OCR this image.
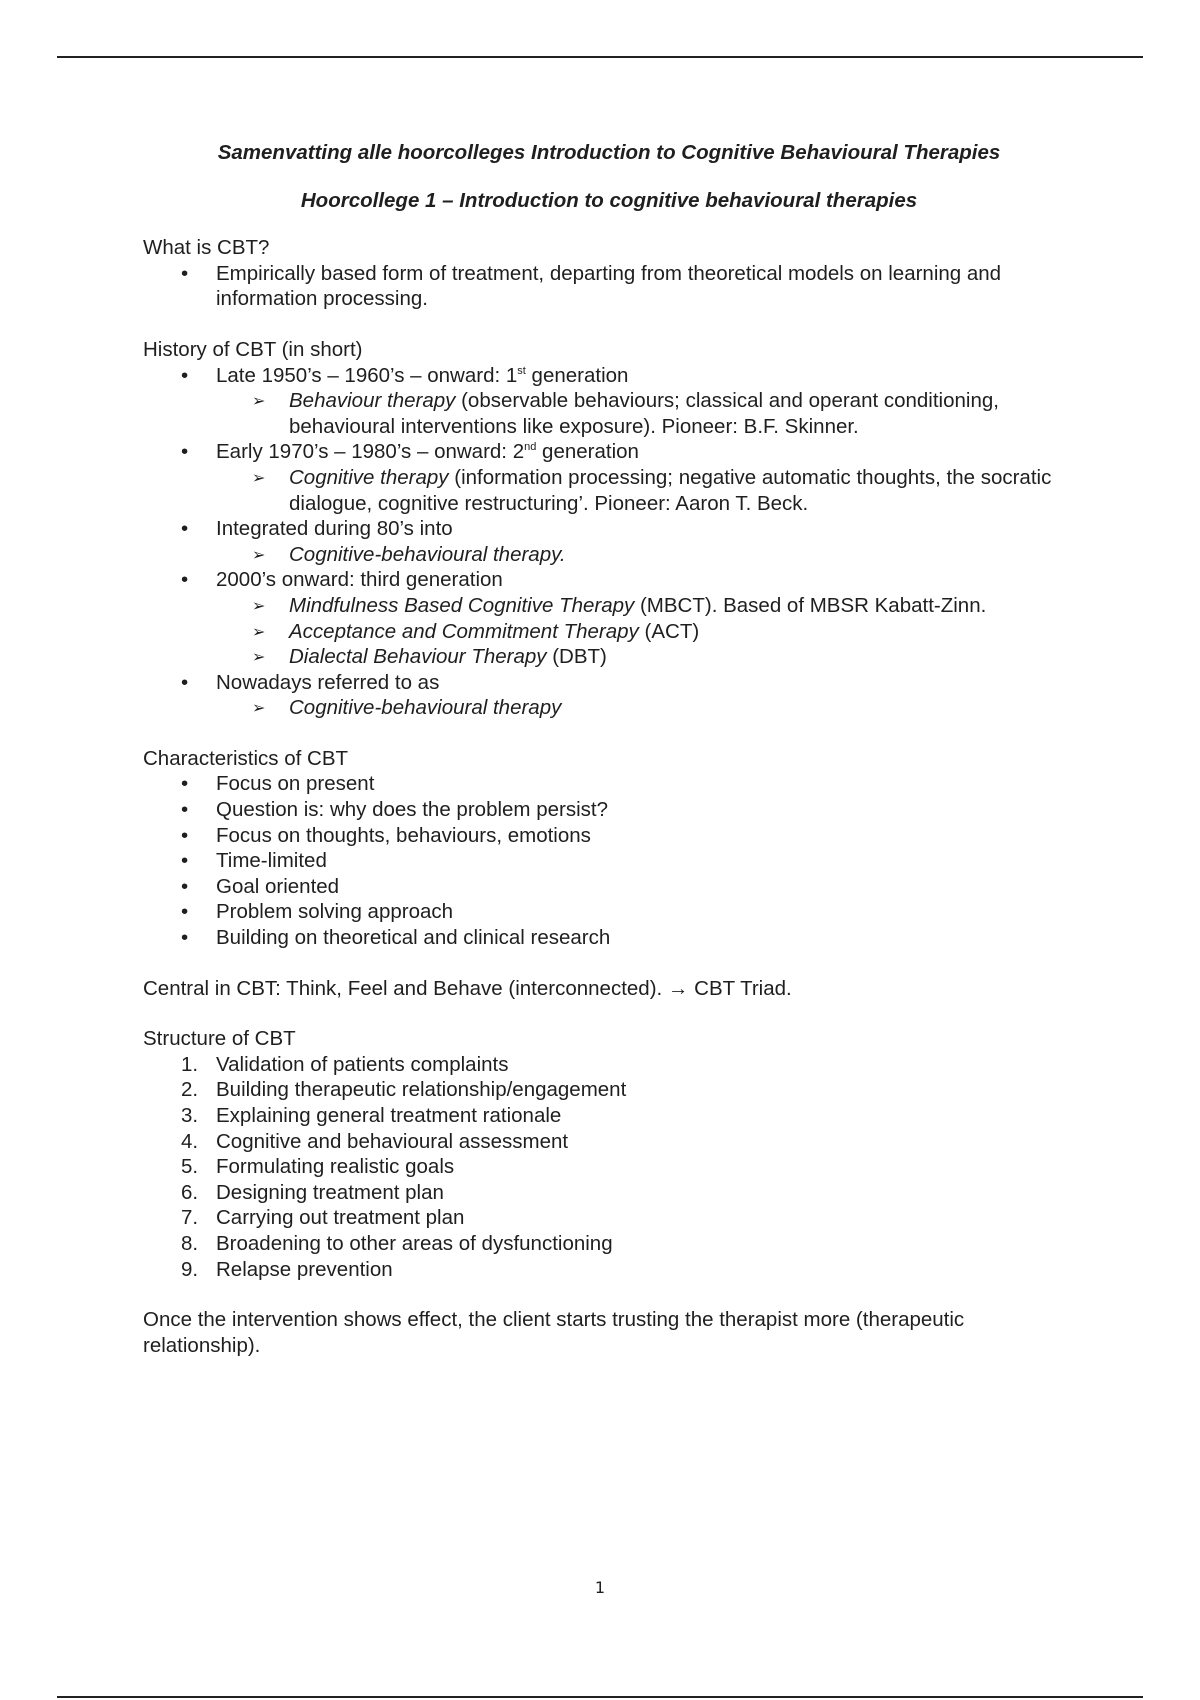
Samenvatting alle hoorcolleges Introduction to Cognitive Behavioural Therapies

Hoorcollege 1 – Introduction to cognitive behavioural therapies

What is CBT?

• Empirically based form of treatment, departing from theoretical models on learning and information processing.

History of CBT (in short)

• Late 1950’s – 1960’s – onward: 1st generation
➢ Behaviour therapy (observable behaviours; classical and operant conditioning, behavioural interventions like exposure). Pioneer: B.F. Skinner.
• Early 1970’s – 1980’s – onward: 2nd generation
➢ Cognitive therapy (information processing; negative automatic thoughts, the socratic dialogue, cognitive restructuring’. Pioneer: Aaron T. Beck.
• Integrated during 80’s into
➢ Cognitive-behavioural therapy.
• 2000’s onward: third generation
➢ Mindfulness Based Cognitive Therapy (MBCT). Based of MBSR Kabatt-Zinn.
➢ Acceptance and Commitment Therapy (ACT)
➢ Dialectal Behaviour Therapy (DBT)
• Nowadays referred to as
➢ Cognitive-behavioural therapy

Characteristics of CBT

• Focus on present
• Question is: why does the problem persist?
• Focus on thoughts, behaviours, emotions
• Time-limited
• Goal oriented
• Problem solving approach
• Building on theoretical and clinical research

Central in CBT: Think, Feel and Behave (interconnected). → CBT Triad.

Structure of CBT

1. Validation of patients complaints
2. Building therapeutic relationship/engagement
3. Explaining general treatment rationale
4. Cognitive and behavioural assessment
5. Formulating realistic goals
6. Designing treatment plan
7. Carrying out treatment plan
8. Broadening to other areas of dysfunctioning
9. Relapse prevention

Once the intervention shows effect, the client starts trusting the therapist more (therapeutic relationship).

1
